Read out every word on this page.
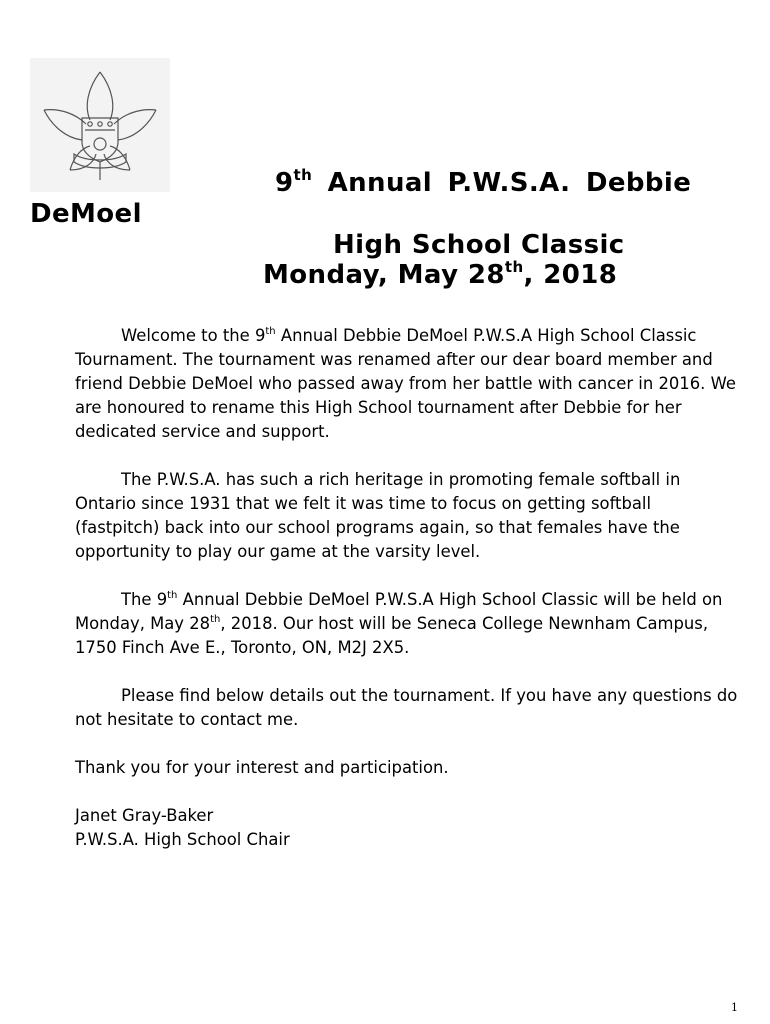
9th Annual P.W.S.A. Debbie
DeMoel
High School Classic
Monday, May 28th, 2018

Welcome to the 9th Annual Debbie DeMoel P.W.S.A High School Classic Tournament. The tournament was renamed after our dear board member and friend Debbie DeMoel who passed away from her battle with cancer in 2016. We are honoured to rename this High School tournament after Debbie for her dedicated service and support.

The P.W.S.A. has such a rich heritage in promoting female softball in Ontario since 1931 that we felt it was time to focus on getting softball (fastpitch) back into our school programs again, so that females have the opportunity to play our game at the varsity level.

The 9th Annual Debbie DeMoel P.W.S.A High School Classic will be held on Monday, May 28th, 2018. Our host will be Seneca College Newnham Campus, 1750 Finch Ave E., Toronto, ON, M2J 2X5.

Please find below details out the tournament. If you have any questions do not hesitate to contact me.

Thank you for your interest and participation.

Janet Gray-Baker

P.W.S.A. High School Chair

1
